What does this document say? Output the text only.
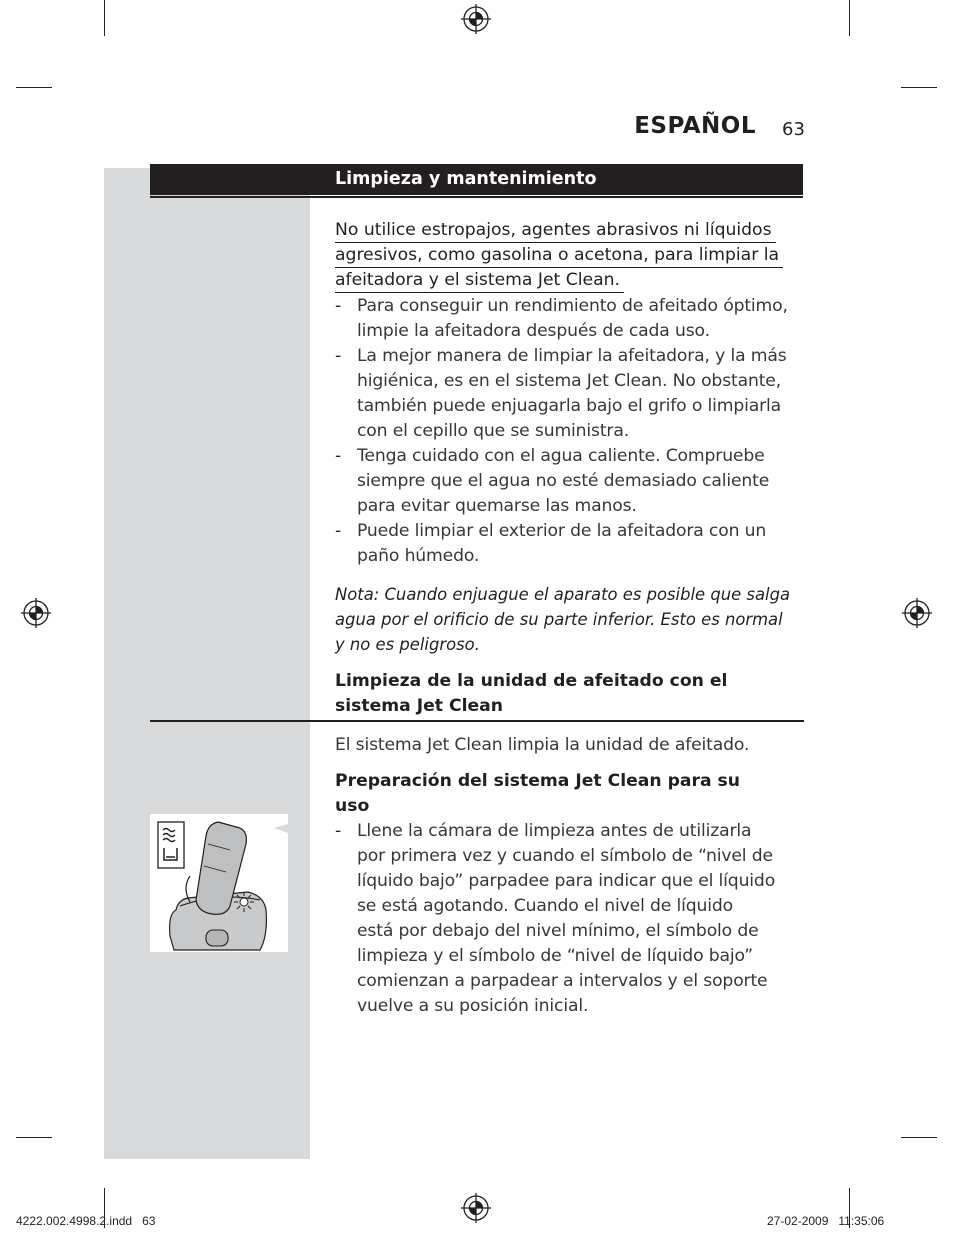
ESPAÑOL 63
Limpieza y mantenimiento
No utilice estropajos, agentes abrasivos ni líquidos
agresivos, como gasolina o acetona, para limpiar la
afeitadora y el sistema Jet Clean.
- Para conseguir un rendimiento de afeitado óptimo,
limpie la afeitadora después de cada uso.
- La mejor manera de limpiar la afeitadora, y la más
higiénica, es en el sistema Jet Clean. No obstante,
también puede enjuagarla bajo el grifo o limpiarla
con el cepillo que se suministra.
- Tenga cuidado con el agua caliente. Compruebe
siempre que el agua no esté demasiado caliente
para evitar quemarse las manos.
- Puede limpiar el exterior de la afeitadora con un
paño húmedo.
Nota: Cuando enjuague el aparato es posible que salga
agua por el orificio de su parte inferior. Esto es normal
y no es peligroso.
Limpieza de la unidad de afeitado con el
sistema Jet Clean
El sistema Jet Clean limpia la unidad de afeitado.
Preparación del sistema Jet Clean para su
uso
- Llene la cámara de limpieza antes de utilizarla
por primera vez y cuando el símbolo de “nivel de
líquido bajo” parpadee para indicar que el líquido
se está agotando. Cuando el nivel de líquido
está por debajo del nivel mínimo, el símbolo de
limpieza y el símbolo de “nivel de líquido bajo”
comienzan a parpadear a intervalos y el soporte
vuelve a su posición inicial.
4222.002.4998.2.indd   63	27-02-2009   11:35:06
